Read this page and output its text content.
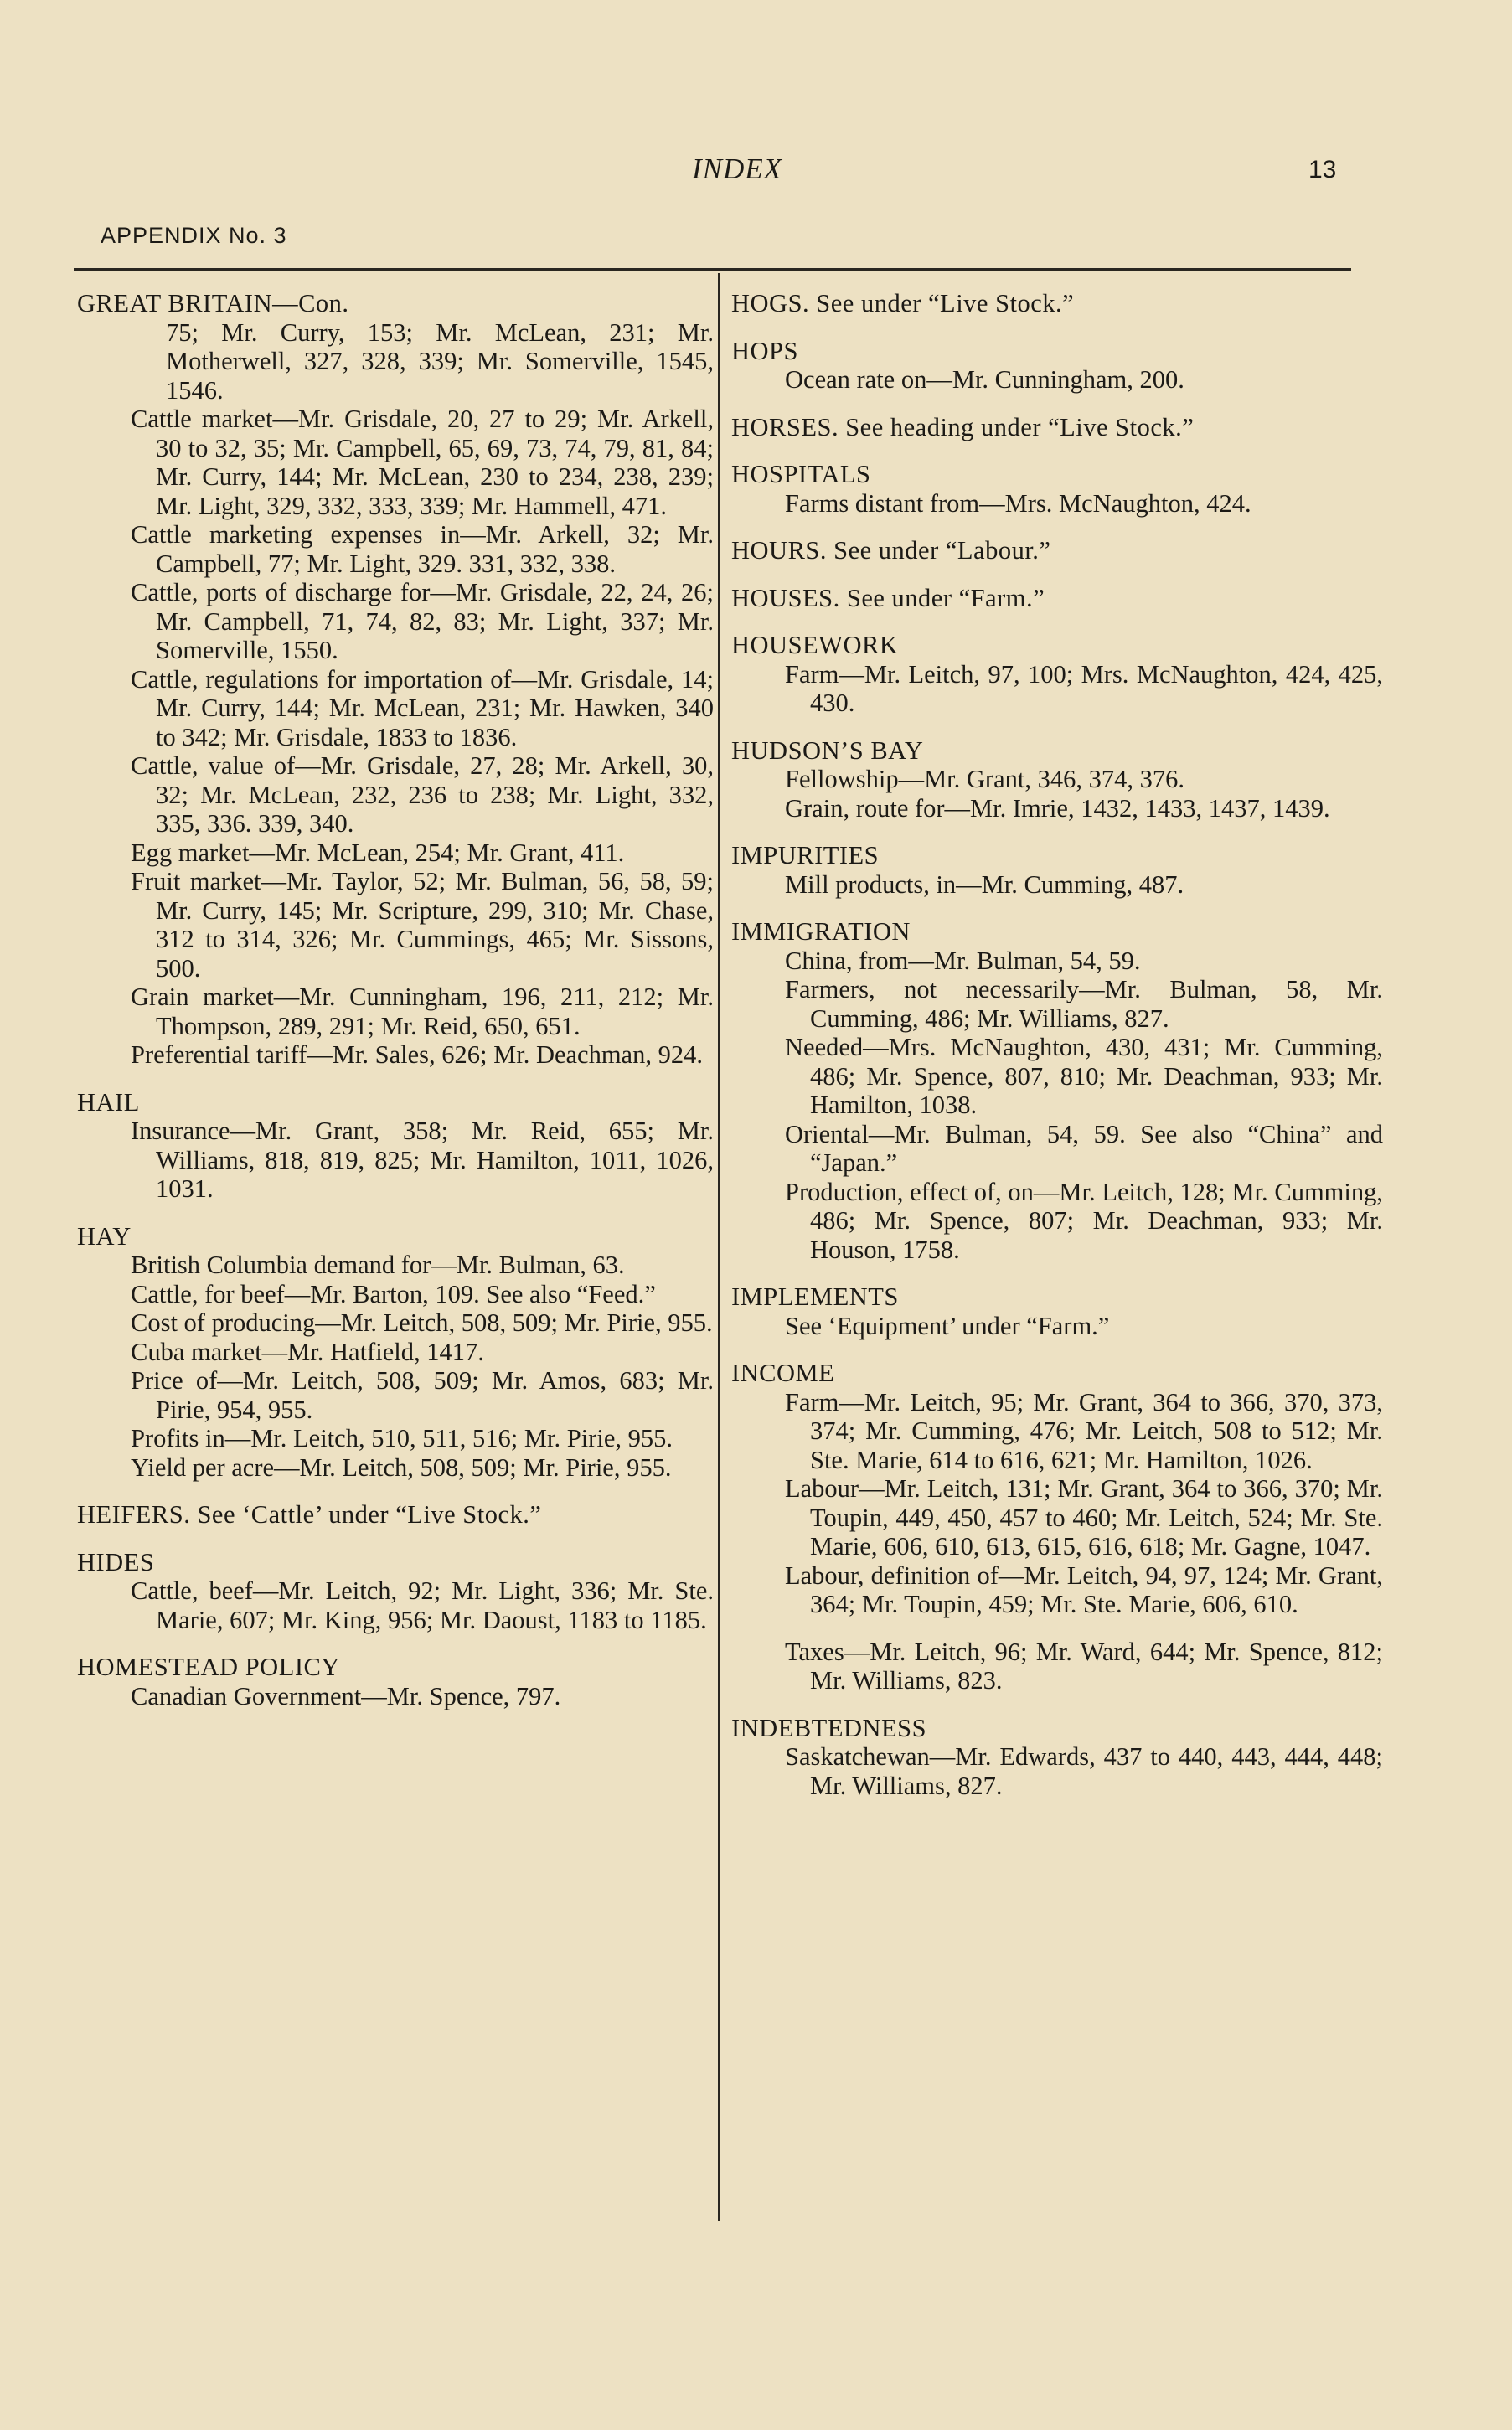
INDEX	13
APPENDIX No. 3
GREAT BRITAIN—Con.
75; Mr. Curry, 153; Mr. McLean, 231; Mr. Motherwell, 327, 328, 339; Mr. Somerville, 1545, 1546.
Cattle market—Mr. Grisdale, 20, 27 to 29; Mr. Arkell, 30 to 32, 35; Mr. Campbell, 65, 69, 73, 74, 79, 81, 84; Mr. Curry, 144; Mr. McLean, 230 to 234, 238, 239; Mr. Light, 329, 332, 333, 339; Mr. Hammell, 471.
Cattle marketing expenses in—Mr. Arkell, 32; Mr. Campbell, 77; Mr. Light, 329. 331, 332, 338.
Cattle, ports of discharge for—Mr. Grisdale, 22, 24, 26; Mr. Campbell, 71, 74, 82, 83; Mr. Light, 337; Mr. Somerville, 1550.
Cattle, regulations for importation of—Mr. Grisdale, 14; Mr. Curry, 144; Mr. McLean, 231; Mr. Hawken, 340 to 342; Mr. Grisdale, 1833 to 1836.
Cattle, value of—Mr. Grisdale, 27, 28; Mr. Arkell, 30, 32; Mr. McLean, 232, 236 to 238; Mr. Light, 332, 335, 336. 339, 340.
Egg market—Mr. McLean, 254; Mr. Grant, 411.
Fruit market—Mr. Taylor, 52; Mr. Bulman, 56, 58, 59; Mr. Curry, 145; Mr. Scripture, 299, 310; Mr. Chase, 312 to 314, 326; Mr. Cummings, 465; Mr. Sissons, 500.
Grain market—Mr. Cunningham, 196, 211, 212; Mr. Thompson, 289, 291; Mr. Reid, 650, 651.
Preferential tariff—Mr. Sales, 626; Mr. Deachman, 924.
HAIL
Insurance—Mr. Grant, 358; Mr. Reid, 655; Mr. Williams, 818, 819, 825; Mr. Hamilton, 1011, 1026, 1031.
HAY
British Columbia demand for—Mr. Bulman, 63.
Cattle, for beef—Mr. Barton, 109. See also “Feed.”
Cost of producing—Mr. Leitch, 508, 509; Mr. Pirie, 955.
Cuba market—Mr. Hatfield, 1417.
Price of—Mr. Leitch, 508, 509; Mr. Amos, 683; Mr. Pirie, 954, 955.
Profits in—Mr. Leitch, 510, 511, 516; Mr. Pirie, 955.
Yield per acre—Mr. Leitch, 508, 509; Mr. Pirie, 955.
HEIFERS. See ‘Cattle’ under “Live Stock.”
HIDES
Cattle, beef—Mr. Leitch, 92; Mr. Light, 336; Mr. Ste. Marie, 607; Mr. King, 956; Mr. Daoust, 1183 to 1185.
HOMESTEAD POLICY
Canadian Government—Mr. Spence, 797.
HOGS. See under “Live Stock.”
HOPS
Ocean rate on—Mr. Cunningham, 200.
HORSES. See heading under “Live Stock.”
HOSPITALS
Farms distant from—Mrs. McNaughton, 424.
HOURS. See under “Labour.”
HOUSES. See under “Farm.”
HOUSEWORK
Farm—Mr. Leitch, 97, 100; Mrs. McNaughton, 424, 425, 430.
HUDSON’S BAY
Fellowship—Mr. Grant, 346, 374, 376.
Grain, route for—Mr. Imrie, 1432, 1433, 1437, 1439.
IMPURITIES
Mill products, in—Mr. Cumming, 487.
IMMIGRATION
China, from—Mr. Bulman, 54, 59.
Farmers, not necessarily—Mr. Bulman, 58, Mr. Cumming, 486; Mr. Williams, 827.
Needed—Mrs. McNaughton, 430, 431; Mr. Cumming, 486; Mr. Spence, 807, 810; Mr. Deachman, 933; Mr. Hamilton, 1038.
Oriental—Mr. Bulman, 54, 59. See also “China” and “Japan.”
Production, effect of, on—Mr. Leitch, 128; Mr. Cumming, 486; Mr. Spence, 807; Mr. Deachman, 933; Mr. Houson, 1758.
IMPLEMENTS
See ‘Equipment’ under “Farm.”
INCOME
Farm—Mr. Leitch, 95; Mr. Grant, 364 to 366, 370, 373, 374; Mr. Cumming, 476; Mr. Leitch, 508 to 512; Mr. Ste. Marie, 614 to 616, 621; Mr. Hamilton, 1026.
Labour—Mr. Leitch, 131; Mr. Grant, 364 to 366, 370; Mr. Toupin, 449, 450, 457 to 460; Mr. Leitch, 524; Mr. Ste. Marie, 606, 610, 613, 615, 616, 618; Mr. Gagne, 1047.
Labour, definition of—Mr. Leitch, 94, 97, 124; Mr. Grant, 364; Mr. Toupin, 459; Mr. Ste. Marie, 606, 610.
Taxes—Mr. Leitch, 96; Mr. Ward, 644; Mr. Spence, 812; Mr. Williams, 823.
INDEBTEDNESS
Saskatchewan—Mr. Edwards, 437 to 440, 443, 444, 448; Mr. Williams, 827.
